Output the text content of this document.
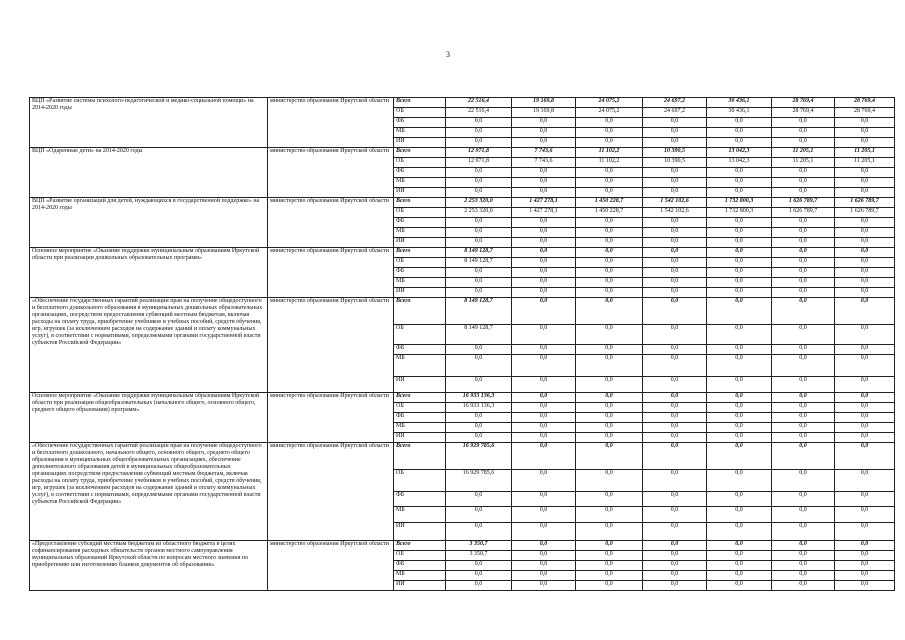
3
ВЦП «Развитие системы психолого-педагогической и медико-социальной помощи» на 2014-2020 годы	министерство образования Иркутской области	Всего	22 516,4	19 169,8	24 075,2	24 697,2	30 436,1	28 769,4	28 769,4
		ОБ	22 516,4	19 169,8	24 075,2	24 697,2	30 436,1	28 769,4	28 769,4
		ФБ	0,0	0,0	0,0	0,0	0,0	0,0	0,0
		МБ	0,0	0,0	0,0	0,0	0,0	0,0	0,0
		ИИ	0,0	0,0	0,0	0,0	0,0	0,0	0,0
ВЦП «Одаренные дети» на 2014-2020 годы	министерство образования Иркутской области	Всего	12 971,8	7 743,6	11 102,2	10 390,5	13 042,3	11 205,1	11 205,1
		ОБ	12 971,8	7 743,6	11 102,2	10 390,5	13 042,3	11 205,1	11 205,1
		ФБ	0,0	0,0	0,0	0,0	0,0	0,0	0,0
		МБ	0,0	0,0	0,0	0,0	0,0	0,0	0,0
		ИИ	0,0	0,0	0,0	0,0	0,0	0,0	0,0
ВЦП «Развитие организаций для детей, нуждающихся в государственной поддержке» на 2014-2020 годы	министерство образования Иркутской области	Всего	2 253 320,0	1 427 278,1	1 450 228,7	1 542 102,6	1 732 800,3	1 626 789,7	1 626 789,7
		ОБ	2 253 320,0	1 427 278,1	1 450 228,7	1 542 102,6	1 732 800,3	1 626 789,7	1 626 789,7
		ФБ	0,0	0,0	0,0	0,0	0,0	0,0	0,0
		МБ	0,0	0,0	0,0	0,0	0,0	0,0	0,0
		ИИ	0,0	0,0	0,0	0,0	0,0	0,0	0,0
Основное мероприятие «Оказание поддержки муниципальным образованиям Иркутской области при реализации дошкольных образовательных программ»	министерство образования Иркутской области	Всего	8 149 128,7	0,0	0,0	0,0	0,0	0,0	0,0
		ОБ	8 149 128,7	0,0	0,0	0,0	0,0	0,0	0,0
		ФБ	0,0	0,0	0,0	0,0	0,0	0,0	0,0
		МБ	0,0	0,0	0,0	0,0	0,0	0,0	0,0
		ИИ	0,0	0,0	0,0	0,0	0,0	0,0	0,0
«Обеспечение государственных гарантий реализации прав на получение общедоступного и бесплатного дошкольного образования в муниципальных дошкольных образовательных организациях, посредством предоставления субвенций местным бюджетам, включая расходы на оплату труда, приобретение учебников и учебных пособий, средств обучения, игр, игрушек (за исключением расходов на содержание зданий и оплату коммунальных услуг), в соответствии с нормативами, определяемыми органами государственной власти субъектов Российской Федерации»	министерство образования Иркутской области	Всего	8 149 128,7	0,0	0,0	0,0	0,0	0,0	0,0
		ОБ	8 149 128,7	0,0	0,0	0,0	0,0	0,0	0,0
		ФБ	0,0	0,0	0,0	0,0	0,0	0,0	0,0
		МБ	0,0	0,0	0,0	0,0	0,0	0,0	0,0
		ИИ	0,0	0,0	0,0	0,0	0,0	0,0	0,0
Основное мероприятие «Оказание поддержки муниципальным образованиям Иркутской области при реализации общеобразовательных (начального общего, основного общего, среднего общего образования) программ»	министерство образования Иркутской области	Всего	16 933 136,3	0,0	0,0	0,0	0,0	0,0	0,0
		ОБ	16 933 136,3	0,0	0,0	0,0	0,0	0,0	0,0
		ФБ	0,0	0,0	0,0	0,0	0,0	0,0	0,0
		МБ	0,0	0,0	0,0	0,0	0,0	0,0	0,0
		ИИ	0,0	0,0	0,0	0,0	0,0	0,0	0,0
«Обеспечение государственных гарантий реализации прав на получение общедоступного и бесплатного дошкольного, начального общего, основного общего, среднего общего образования в муниципальных общеобразовательных организациях, обеспечение дополнительного образования детей в муниципальных общеобразовательных организациях посредством предоставления субвенций местным бюджетам, включая расходы на оплату труда, приобретение учебников и учебных пособий, средств обучения, игр, игрушек (за исключением расходов на содержание зданий и оплату коммунальных услуг), в соответствии с нормативами, определяемыми органами государственной власти субъектов Российской Федерации»	министерство образования Иркутской области	Всего	16 929 785,6	0,0	0,0	0,0	0,0	0,0	0,0
		ОБ	16 929 785,6	0,0	0,0	0,0	0,0	0,0	0,0
		ФБ	0,0	0,0	0,0	0,0	0,0	0,0	0,0
		МБ	0,0	0,0	0,0	0,0	0,0	0,0	0,0
		ИИ	0,0	0,0	0,0	0,0	0,0	0,0	0,0
«Предоставление субсидий местным бюджетам из областного бюджета в целях софинансирования расходных обязательств органов местного самоуправления муниципальных образований Иркутской области по вопросам местного значения по приобретению или изготовлению бланков документов об образовании»	министерство образования Иркутской области	Всего	3 350,7	0,0	0,0	0,0	0,0	0,0	0,0
		ОБ	3 350,7	0,0	0,0	0,0	0,0	0,0	0,0
		ФБ	0,0	0,0	0,0	0,0	0,0	0,0	0,0
		МБ	0,0	0,0	0,0	0,0	0,0	0,0	0,0
		ИИ	0,0	0,0	0,0	0,0	0,0	0,0	0,0
